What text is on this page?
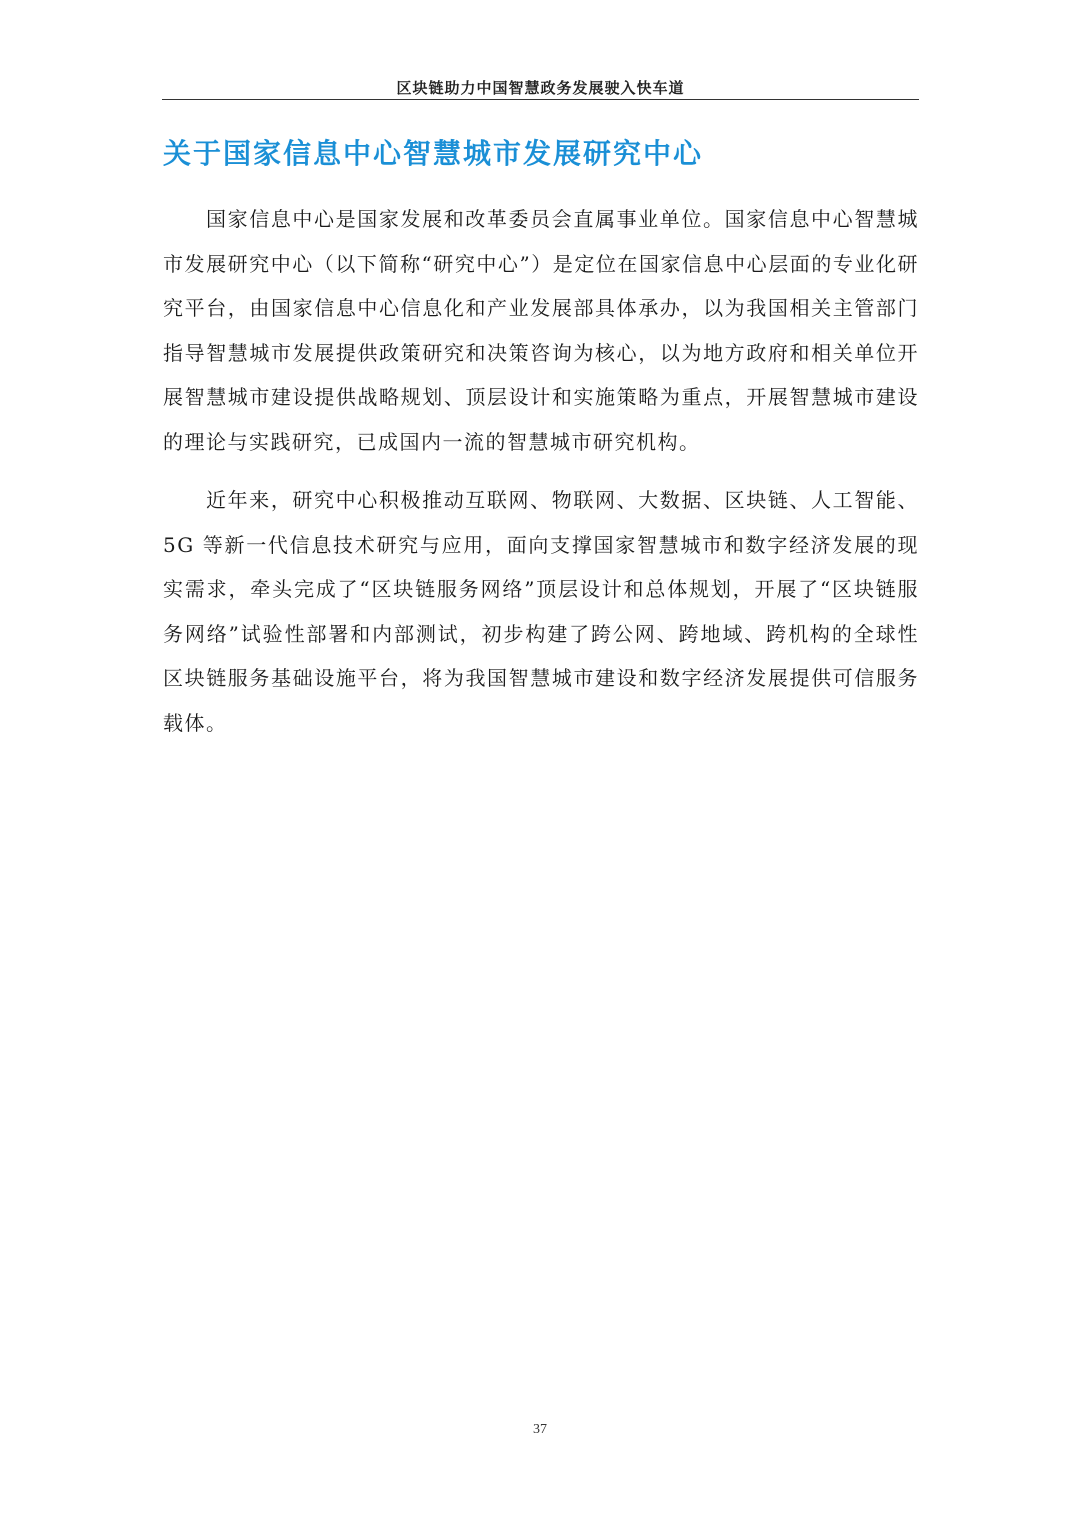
区块链助力中国智慧政务发展驶入快车道
关于国家信息中心智慧城市发展研究中心

国家信息中心是国家发展和改革委员会直属事业单位。国家信息中心智慧城市发展研究中心（以下简称“研究中心”）是定位在国家信息中心层面的专业化研究平台，由国家信息中心信息化和产业发展部具体承办，以为我国相关主管部门指导智慧城市发展提供政策研究和决策咨询为核心，以为地方政府和相关单位开展智慧城市建设提供战略规划、顶层设计和实施策略为重点，开展智慧城市建设的理论与实践研究，已成国内一流的智慧城市研究机构。

近年来，研究中心积极推动互联网、物联网、大数据、区块链、人工智能、5G 等新一代信息技术研究与应用，面向支撑国家智慧城市和数字经济发展的现实需求，牵头完成了“区块链服务网络”顶层设计和总体规划，开展了“区块链服务网络”试验性部署和内部测试，初步构建了跨公网、跨地域、跨机构的全球性区块链服务基础设施平台，将为我国智慧城市建设和数字经济发展提供可信服务载体。

37
